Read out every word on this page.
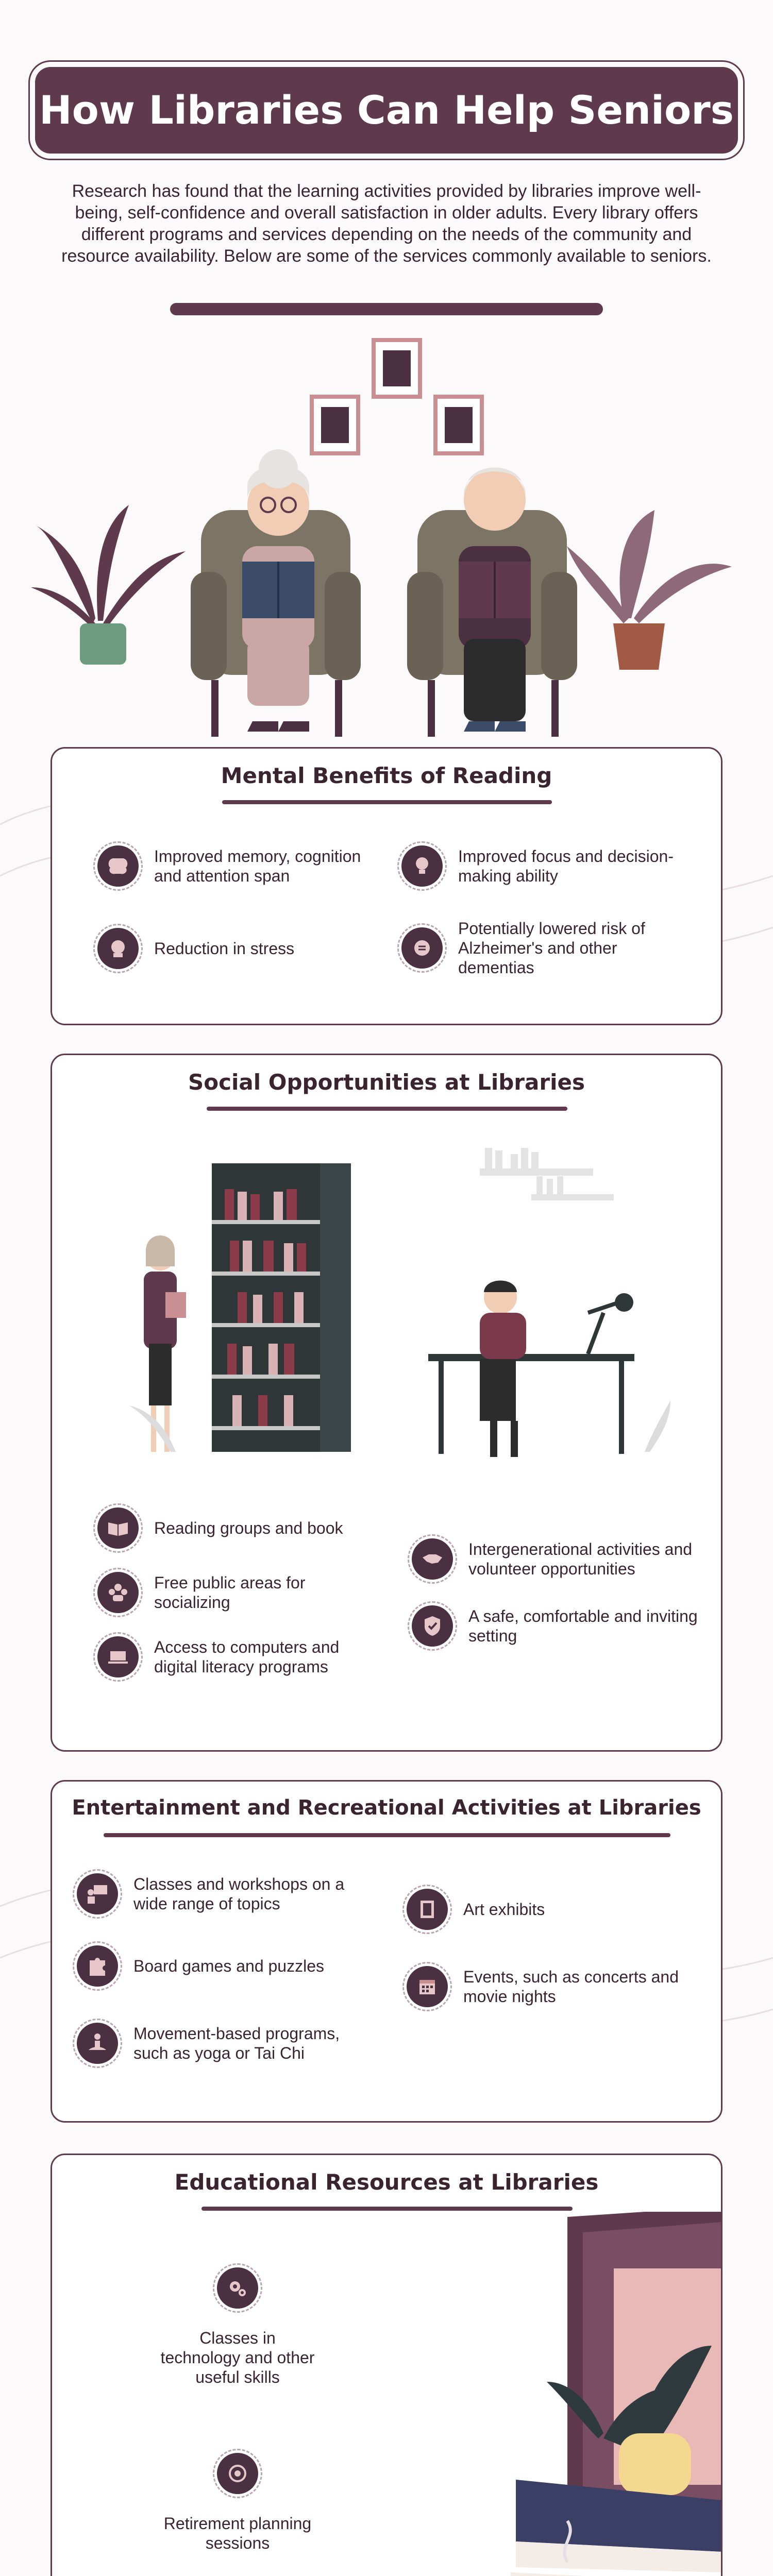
How Libraries Can Help Seniors
Research has found that the learning activities provided by libraries improve well-being, self-confidence and overall satisfaction in older adults. Every library offers different programs and services depending on the needs of the community and resource availability. Below are some of the services commonly available to seniors.
Mental Benefits of Reading
Improved memory, cognition and attention span
Improved focus and decision-making ability
Reduction in stress
Potentially lowered risk of Alzheimer's and other dementias
Social Opportunities at Libraries
Reading groups and book
Intergenerational activities and volunteer opportunities
Free public areas for socializing
A safe, comfortable and inviting setting
Access to computers and digital literacy programs
Entertainment and Recreational Activities at Libraries
Classes and workshops on a wide range of topics	Art exhibits
Board games and puzzles
Events, such as concerts and movie nights
Movement-based programs, such as yoga or Tai Chi
Educational Resources at Libraries
Classes in technology and other useful skills
Retirement planning sessions
